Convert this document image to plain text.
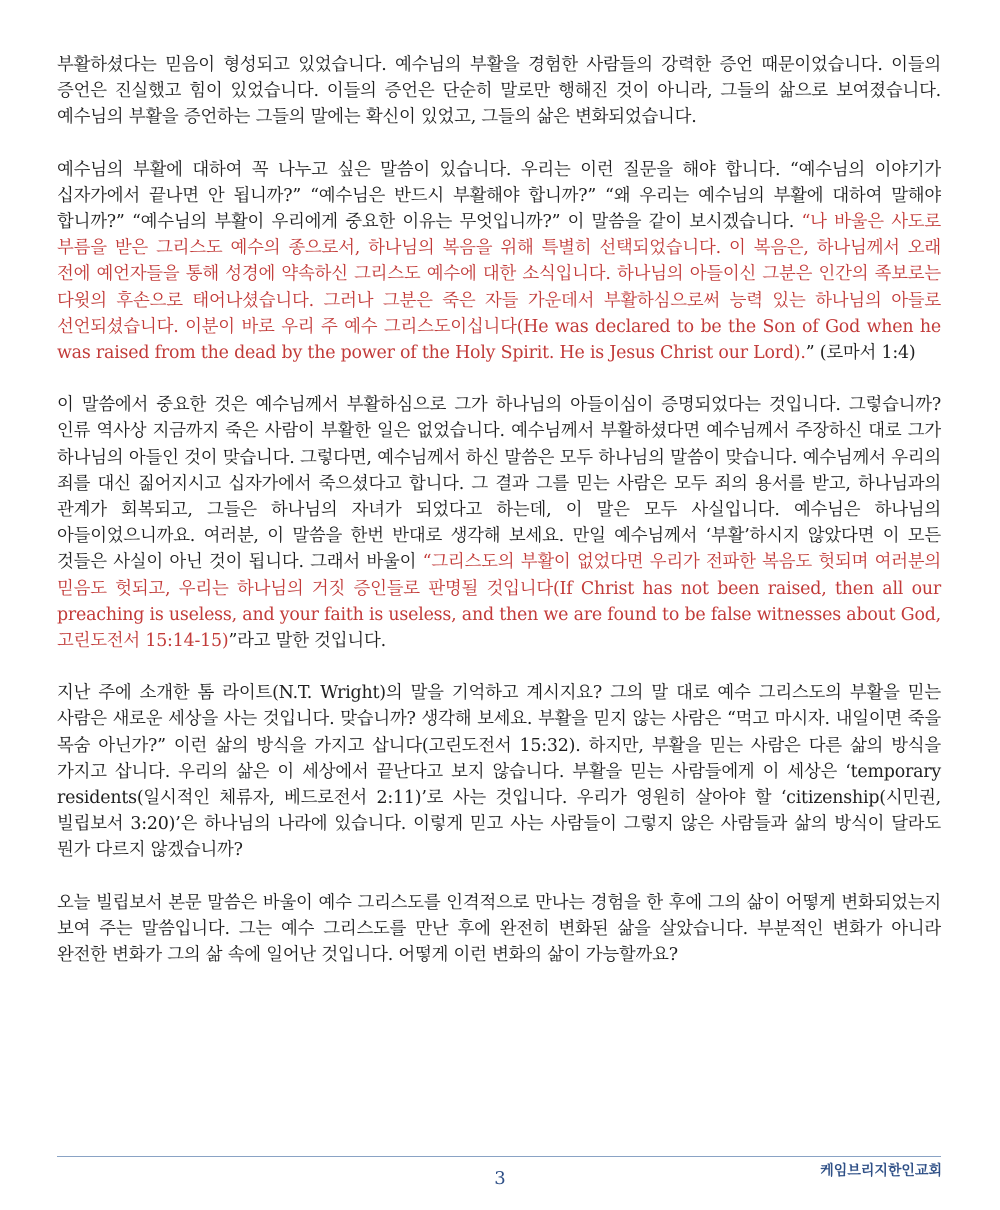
부활하셨다는 믿음이 형성되고 있었습니다. 예수님의 부활을 경험한 사람들의 강력한 증언 때문이었습니다. 이들의 증언은 진실했고 힘이 있었습니다. 이들의 증언은 단순히 말로만 행해진 것이 아니라, 그들의 삶으로 보여졌습니다. 예수님의 부활을 증언하는 그들의 말에는 확신이 있었고, 그들의 삶은 변화되었습니다.

예수님의 부활에 대하여 꼭 나누고 싶은 말씀이 있습니다. 우리는 이런 질문을 해야 합니다. “예수님의 이야기가 십자가에서 끝나면 안 됩니까?” “예수님은 반드시 부활해야 합니까?” “왜 우리는 예수님의 부활에 대하여 말해야 합니까?” “예수님의 부활이 우리에게 중요한 이유는 무엇입니까?” 이 말씀을 같이 보시겠습니다. “나 바울은 사도로 부름을 받은 그리스도 예수의 종으로서, 하나님의 복음을 위해 특별히 선택되었습니다. 이 복음은, 하나님께서 오래 전에 예언자들을 통해 성경에 약속하신 그리스도 예수에 대한 소식입니다. 하나님의 아들이신 그분은 인간의 족보로는 다윗의 후손으로 태어나셨습니다. 그러나 그분은 죽은 자들 가운데서 부활하심으로써 능력 있는 하나님의 아들로 선언되셨습니다. 이분이 바로 우리 주 예수 그리스도이십니다(He was declared to be the Son of God when he was raised from the dead by the power of the Holy Spirit. He is Jesus Christ our Lord).” (로마서 1:4)

이 말씀에서 중요한 것은 예수님께서 부활하심으로 그가 하나님의 아들이심이 증명되었다는 것입니다. 그렇습니까? 인류 역사상 지금까지 죽은 사람이 부활한 일은 없었습니다. 예수님께서 부활하셨다면 예수님께서 주장하신 대로 그가 하나님의 아들인 것이 맞습니다. 그렇다면, 예수님께서 하신 말씀은 모두 하나님의 말씀이 맞습니다. 예수님께서 우리의 죄를 대신 짊어지시고 십자가에서 죽으셨다고 합니다. 그 결과 그를 믿는 사람은 모두 죄의 용서를 받고, 하나님과의 관계가 회복되고, 그들은 하나님의 자녀가 되었다고 하는데, 이 말은 모두 사실입니다. 예수님은 하나님의 아들이었으니까요. 여러분, 이 말씀을 한번 반대로 생각해 보세요. 만일 예수님께서 ‘부활’하시지 않았다면 이 모든 것들은 사실이 아닌 것이 됩니다. 그래서 바울이 “그리스도의 부활이 없었다면 우리가 전파한 복음도 헛되며 여러분의 믿음도 헛되고, 우리는 하나님의 거짓 증인들로 판명될 것입니다(If Christ has not been raised, then all our preaching is useless, and your faith is useless, and then we are found to be false witnesses about God, 고린도전서 15:14-15)”라고 말한 것입니다.

지난 주에 소개한 톰 라이트(N.T. Wright)의 말을 기억하고 계시지요? 그의 말 대로 예수 그리스도의 부활을 믿는 사람은 새로운 세상을 사는 것입니다. 맞습니까? 생각해 보세요. 부활을 믿지 않는 사람은 “먹고 마시자. 내일이면 죽을 목숨 아닌가?” 이런 삶의 방식을 가지고 삽니다(고린도전서 15:32). 하지만, 부활을 믿는 사람은 다른 삶의 방식을 가지고 삽니다. 우리의 삶은 이 세상에서 끝난다고 보지 않습니다. 부활을 믿는 사람들에게 이 세상은 ‘temporary residents(일시적인 체류자, 베드로전서 2:11)’로 사는 것입니다. 우리가 영원히 살아야 할 ‘citizenship(시민권, 빌립보서 3:20)’은 하나님의 나라에 있습니다. 이렇게 믿고 사는 사람들이 그렇지 않은 사람들과 삶의 방식이 달라도 뭔가 다르지 않겠습니까?

오늘 빌립보서 본문 말씀은 바울이 예수 그리스도를 인격적으로 만나는 경험을 한 후에 그의 삶이 어떻게 변화되었는지 보여 주는 말씀입니다. 그는 예수 그리스도를 만난 후에 완전히 변화된 삶을 살았습니다. 부분적인 변화가 아니라 완전한 변화가 그의 삶 속에 일어난 것입니다. 어떻게 이런 변화의 삶이 가능할까요?

3	케임브리지한인교회
